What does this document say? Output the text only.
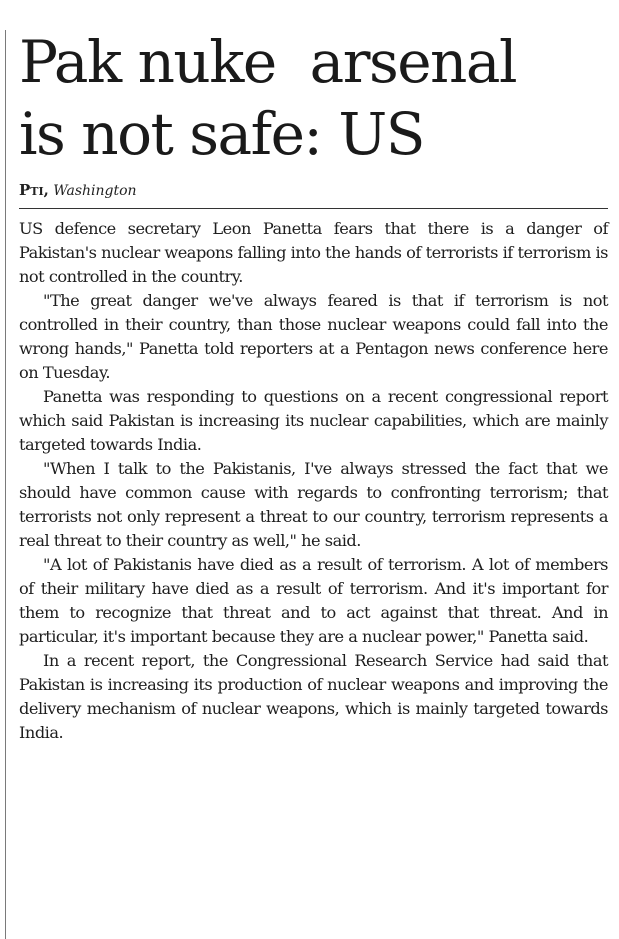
Pak nuke  arsenal
is not safe: US
Pti, Washington

US defence secretary Leon Panetta fears that there is a danger of Pakistan's nuclear weapons falling into the hands of terrorists if terrorism is not controlled in the country.

"The great danger we've always feared is that if terrorism is not controlled in their country, than those nuclear weapons could fall into the wrong hands," Panetta told reporters at a Pentagon news conference here on Tuesday.

Panetta was responding to questions on a recent congressional report which said Pakistan is increasing its nuclear capabilities, which are mainly targeted towards India.

"When I talk to the Pakistanis, I've always stressed the fact that we should have common cause with regards to confronting terrorism; that terrorists not only represent a threat to our country, terrorism represents a real threat to their country as well," he said.

"A lot of Pakistanis have died as a result of terrorism. A lot of members of their military have died as a result of terrorism. And it's important for them to recognize that threat and to act against that threat. And in particular, it's important because they are a nuclear power," Panetta said.

In a recent report, the Congressional Research Service had said that Pakistan is increasing its production of nuclear weapons and improving the delivery mechanism of nuclear weapons, which is mainly targeted towards India.
